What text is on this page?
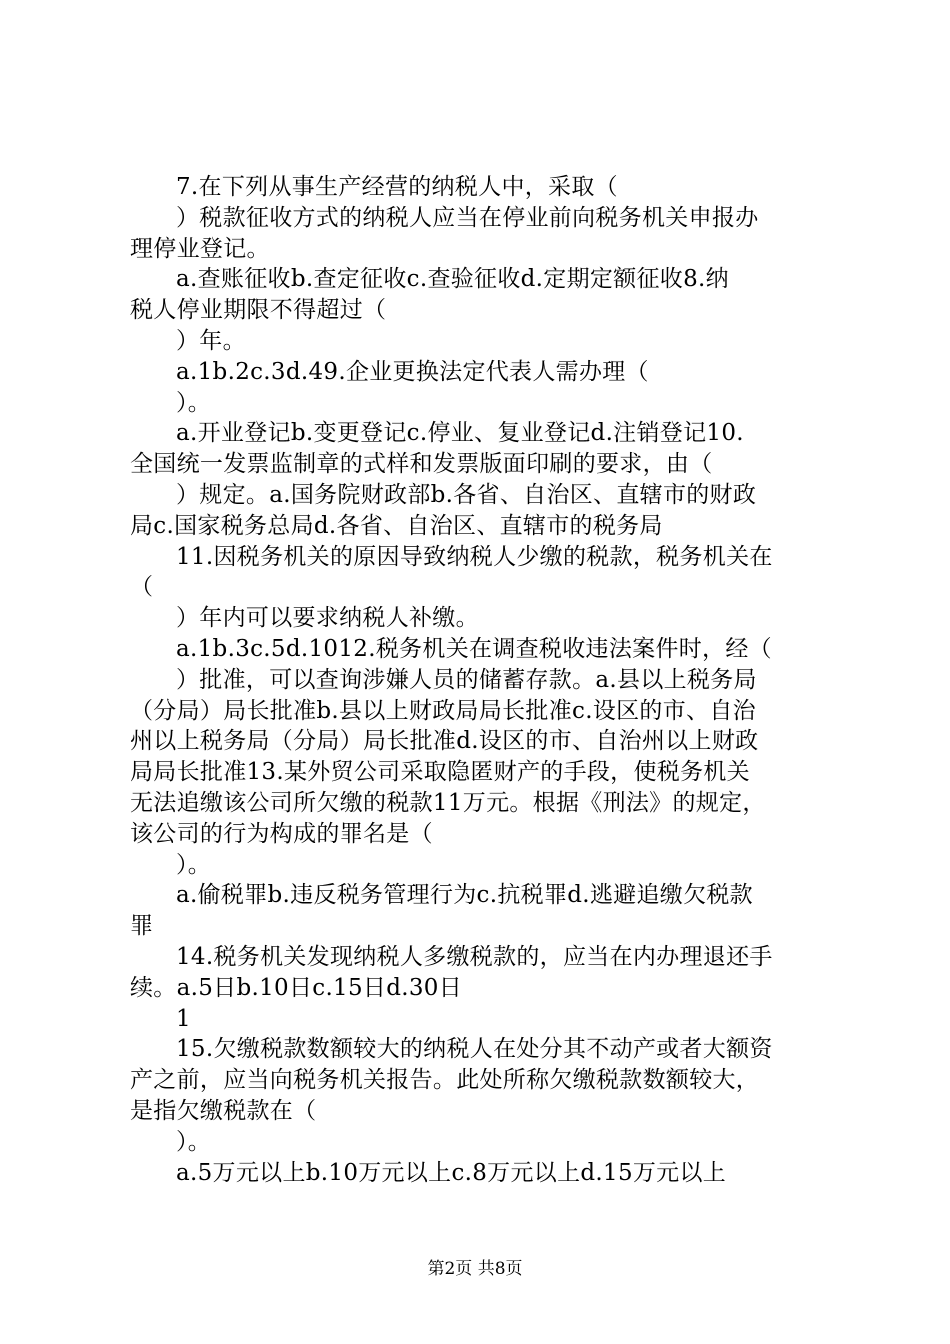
7.在下列从事生产经营的纳税人中，采取（
）税款征收方式的纳税人应当在停业前向税务机关申报办
理停业登记。
a.查账征收b.查定征收c.查验征收d.定期定额征收8.纳
税人停业期限不得超过（
）年。
a.1b.2c.3d.49.企业更换法定代表人需办理（
）。
a.开业登记b.变更登记c.停业、复业登记d.注销登记10.
全国统一发票监制章的式样和发票版面印刷的要求，由（
）规定。a.国务院财政部b.各省、自治区、直辖市的财政
局c.国家税务总局d.各省、自治区、直辖市的税务局
11.因税务机关的原因导致纳税人少缴的税款，税务机关在
（
）年内可以要求纳税人补缴。
a.1b.3c.5d.1012.税务机关在调查税收违法案件时，经（
）批准，可以查询涉嫌人员的储蓄存款。a.县以上税务局
（分局）局长批准b.县以上财政局局长批准c.设区的市、自治
州以上税务局（分局）局长批准d.设区的市、自治州以上财政
局局长批准13.某外贸公司采取隐匿财产的手段，使税务机关
无法追缴该公司所欠缴的税款11万元。根据《刑法》的规定，
该公司的行为构成的罪名是（
）。
a.偷税罪b.违反税务管理行为c.抗税罪d.逃避追缴欠税款
罪
14.税务机关发现纳税人多缴税款的，应当在内办理退还手
续。a.5日b.10日c.15日d.30日
1
15.欠缴税款数额较大的纳税人在处分其不动产或者大额资
产之前，应当向税务机关报告。此处所称欠缴税款数额较大，
是指欠缴税款在（
）。
a.5万元以上b.10万元以上c.8万元以上d.15万元以上
第2页 共8页
